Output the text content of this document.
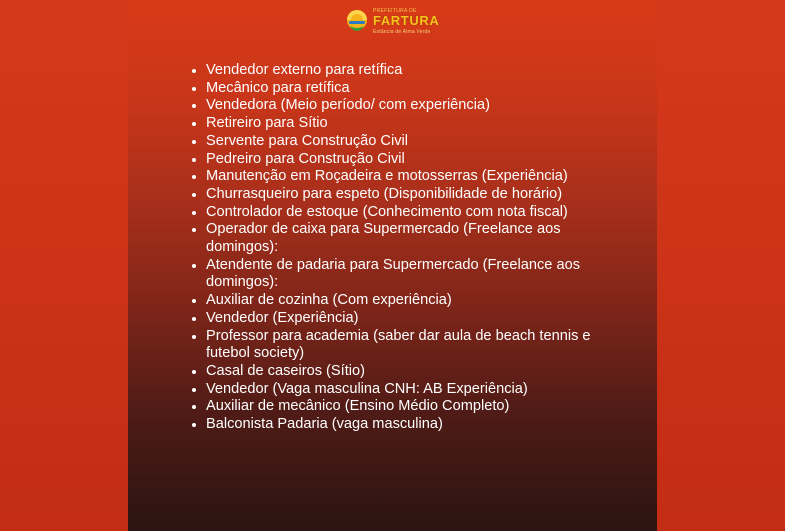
PREFEITURA DE
FARTURA
Estância de Alma Verde
• Vendedor externo para retífica
• Mecânico para retífica
• Vendedora (Meio período/ com experiência)
• Retireiro para Sítio
• Servente para Construção Civil
• Pedreiro para Construção Civil
• Manutenção em Roçadeira e motosserras (Experiência)
• Churrasqueiro para espeto (Disponibilidade de horário)
• Controlador de estoque (Conhecimento com nota fiscal)
• Operador de caixa para Supermercado (Freelance aos domingos):
• Atendente de padaria para Supermercado (Freelance aos domingos):
• Auxiliar de cozinha (Com experiência)
• Vendedor (Experiência)
• Professor para academia (saber dar aula de beach tennis e futebol society)
• Casal de caseiros (Sítio)
• Vendedor (Vaga masculina CNH: AB Experiência)
• Auxiliar de mecânico (Ensino Médio Completo)
• Balconista Padaria (vaga masculina)
